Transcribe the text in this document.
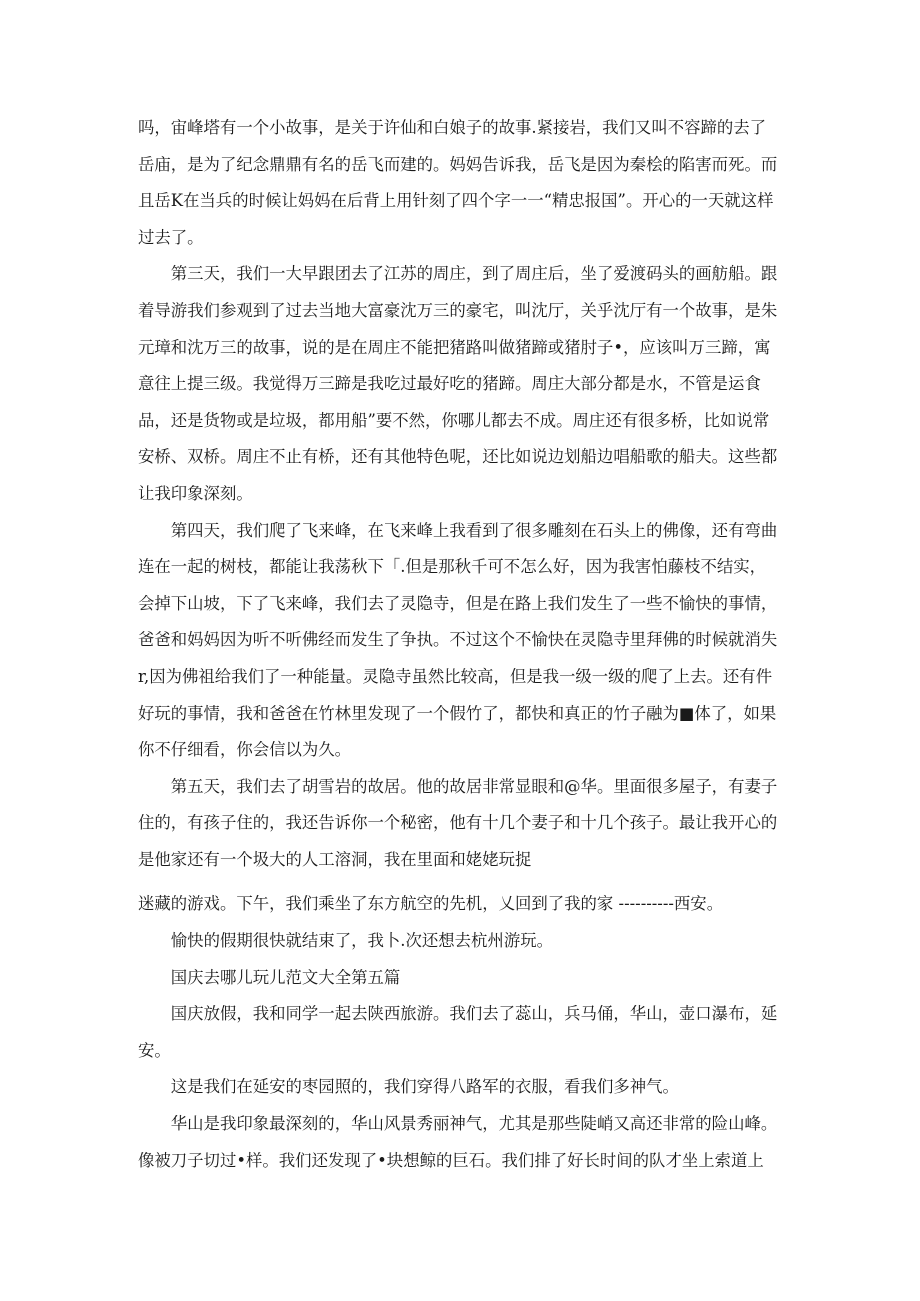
吗，宙峰塔有一个小故事，是关于许仙和白娘子的故事.紧接岩，我们又叫不容蹄的去了岳庙，是为了纪念鼎鼎有名的岳飞而建的。妈妈告诉我，岳飞是因为秦桧的陷害而死。而且岳K在当兵的时候让妈妈在后背上用针刻了四个字一一“精忠报国”。开心的一天就这样过去了。

第三天，我们一大早跟团去了江苏的周庄，到了周庄后，坐了爱渡码头的画舫船。跟着导游我们参观到了过去当地大富豪沈万三的豪宅，叫沈厅，关乎沈厅有一个故事，是朱元璋和沈万三的故事，说的是在周庄不能把猪路叫做猪蹄或猪肘子•，应该叫万三蹄，寓意往上提三级。我觉得万三蹄是我吃过最好吃的猪蹄。周庄大部分都是水，不管是运食品，还是货物或是垃圾，都用船”要不然，你哪儿都去不成。周庄还有很多桥，比如说常安桥、双桥。周庄不止有桥，还有其他特色呢，还比如说边划船边唱船歌的船夫。这些都让我印象深刻。

第四天，我们爬了飞来峰，在飞来峰上我看到了很多雕刻在石头上的佛像，还有弯曲连在一起的树枝，都能让我荡秋下「.但是那秋千可不怎么好，因为我害怕藤枝不结实，会掉下山坡，下了飞来峰，我们去了灵隐寺，但是在路上我们发生了一些不愉快的事情，爸爸和妈妈因为听不听佛经而发生了争执。不过这个不愉快在灵隐寺里拜佛的时候就消失r,因为佛祖给我们了一种能量。灵隐寺虽然比较高，但是我一级一级的爬了上去。还有件好玩的事情，我和爸爸在竹林里发现了一个假竹了，都快和真正的竹子融为■体了，如果你不仔细看，你会信以为久。

第五天，我们去了胡雪岩的故居。他的故居非常显眼和@华。里面很多屋子，有妻子住的，有孩子住的，我还告诉你一个秘密，他有十几个妻子和十几个孩子。最让我开心的是他家还有一个圾大的人工溶洞，我在里面和姥姥玩捉

迷藏的游戏。下午，我们乘坐了东方航空的先机，乂回到了我的家 ----------西安。

愉快的假期很快就结束了，我卜.次还想去杭州游玩。

国庆去哪儿玩儿范文大全第五篇

国庆放假，我和同学一起去陕西旅游。我们去了蕊山，兵马俑，华山，壶口瀑布，延安。

这是我们在延安的枣园照的，我们穿得八路军的衣服，看我们多神气。

华山是我印象最深刻的，华山风景秀丽神气，尤其是那些陡峭又高还非常的险山峰。像被刀子切过•样。我们还发现了•块想鲸的巨石。我们排了好长时间的队才坐上索道上
